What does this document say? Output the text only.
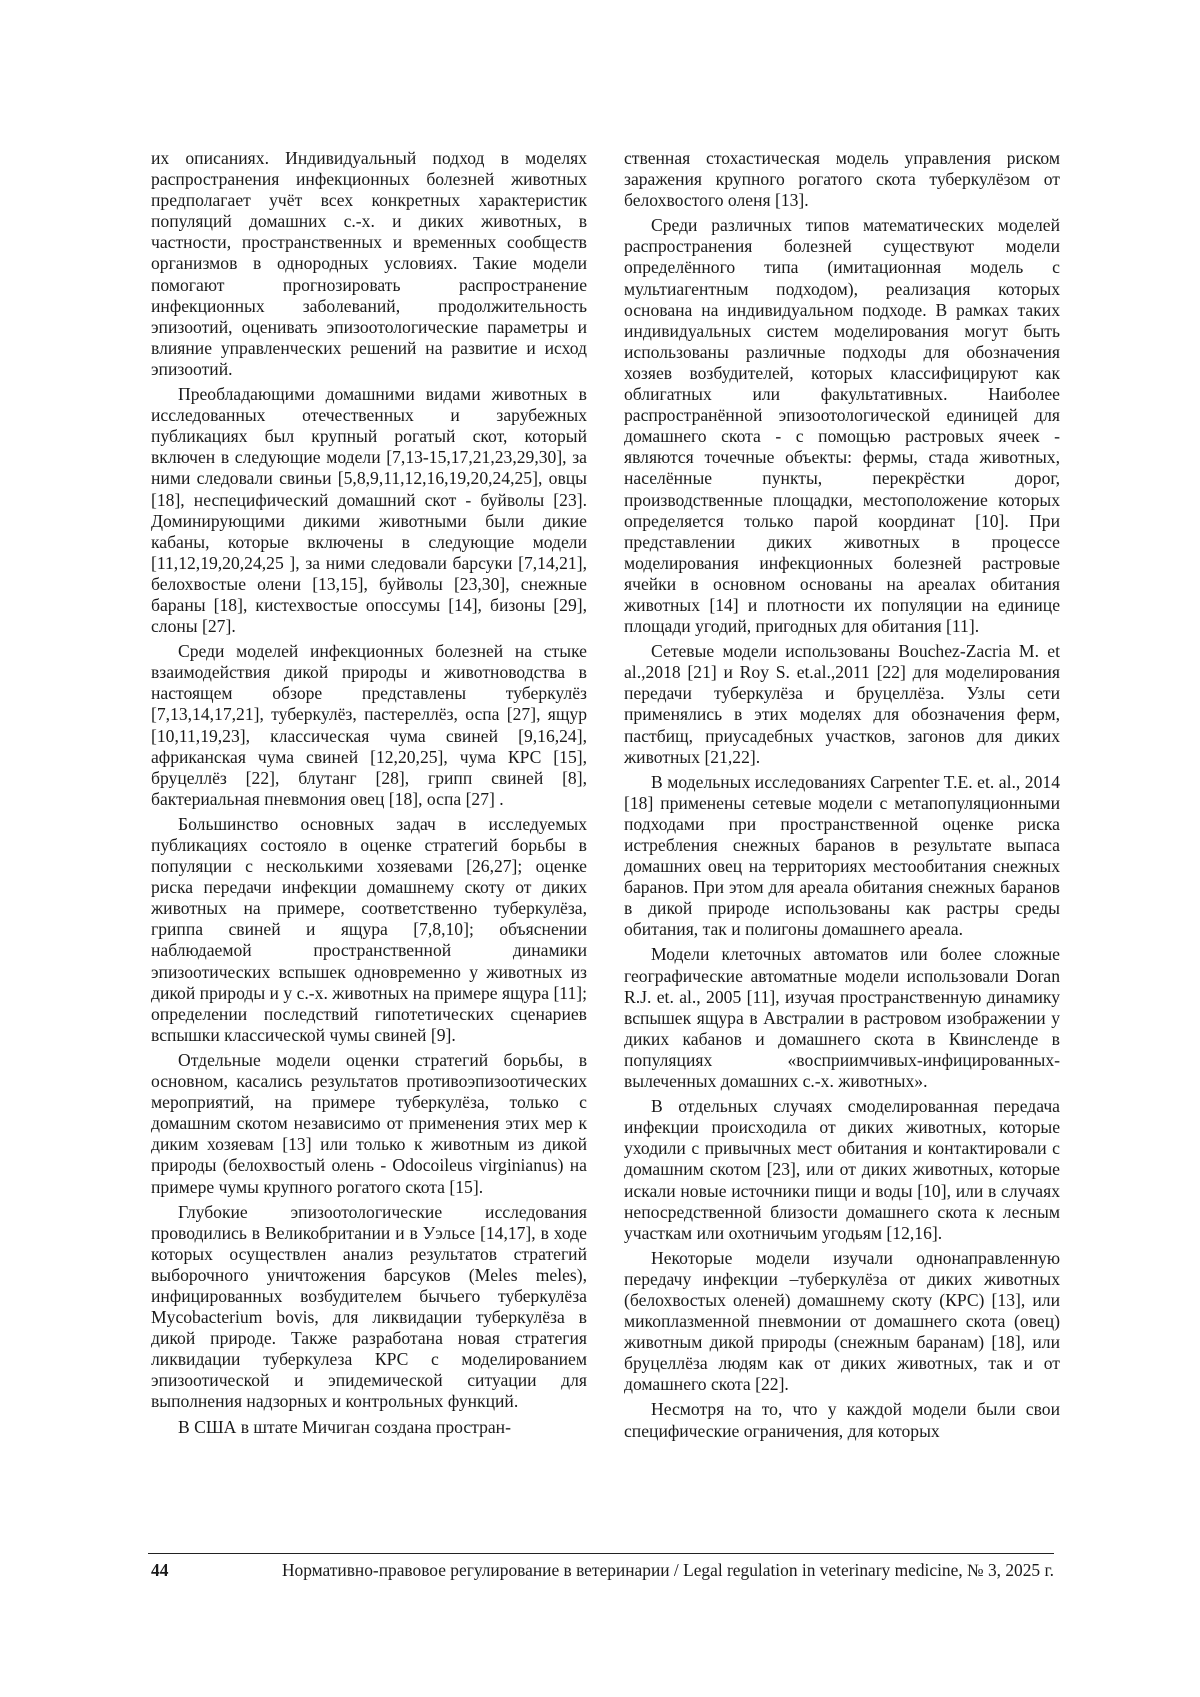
их описаниях. Индивидуальный подход в моделях распространения инфекционных болезней животных предполагает учёт всех конкретных характеристик популяций домашних с.-х. и диких животных, в частности, пространственных и временных сообществ организмов в однородных условиях. Такие модели помогают прогнозировать распространение инфекционных заболеваний, продолжительность эпизоотий, оценивать эпизоотологические параметры и влияние управленческих решений на развитие и исход эпизоотий.

Преобладающими домашними видами животных в исследованных отечественных и зарубежных публикациях был крупный рогатый скот, который включен в следующие модели [7,13-15,17,21,23,29,30], за ними следовали свиньи [5,8,9,11,12,16,19,20,24,25], овцы [18], неспецифический домашний скот - буйволы [23]. Доминирующими дикими животными были дикие кабаны, которые включены в следующие модели [11,12,19,20,24,25 ], за ними следовали барсуки [7,14,21], белохвостые олени [13,15], буйволы [23,30], снежные бараны [18], кистехвостые опоссумы [14], бизоны [29], слоны [27].

Среди моделей инфекционных болезней на стыке взаимодействия дикой природы и животноводства в настоящем обзоре представлены туберкулёз [7,13,14,17,21], туберкулёз, пастереллёз, оспа [27], ящур [10,11,19,23], классическая чума свиней [9,16,24], африканская чума свиней [12,20,25], чума КРС [15], бруцеллёз [22], блутанг [28], грипп свиней [8], бактериальная пневмония овец [18], оспа [27] .

Большинство основных задач в исследуемых публикациях состояло в оценке стратегий борьбы в популяции с несколькими хозяевами [26,27]; оценке риска передачи инфекции домашнему скоту от диких животных на примере, соответственно туберкулёза, гриппа свиней и ящура [7,8,10]; объяснении наблюдаемой пространственной динамики эпизоотических вспышек одновременно у животных из дикой природы и у с.-х. животных на примере ящура [11]; определении последствий гипотетических сценариев вспышки классической чумы свиней [9].

Отдельные модели оценки стратегий борьбы, в основном, касались результатов противоэпизоотических мероприятий, на примере туберкулёза, только с домашним скотом независимо от применения этих мер к диким хозяевам [13] или только к животным из дикой природы (белохвостый олень - Odocoileus virginianus) на примере чумы крупного рогатого скота [15].

Глубокие эпизоотологические исследования проводились в Великобритании и в Уэльсе [14,17], в ходе которых осуществлен анализ результатов стратегий выборочного уничтожения барсуков (Meles meles), инфицированных возбудителем бычьего туберкулёза Mycobacterium bovis, для ликвидации туберкулёза в дикой природе. Также разработана новая стратегия ликвидации туберкулеза КРС с моделированием эпизоотической и эпидемической ситуации для выполнения надзорных и контрольных функций.

В США в штате Мичиган создана простран-

ственная стохастическая модель управления риском заражения крупного рогатого скота туберкулёзом от белохвостого оленя [13].

Среди различных типов математических моделей распространения болезней существуют модели определённого типа (имитационная модель с мультиагентным подходом), реализация которых основана на индивидуальном подходе. В рамках таких индивидуальных систем моделирования могут быть использованы различные подходы для обозначения хозяев возбудителей, которых классифицируют как облигатных или факультативных. Наиболее распространённой эпизоотологической единицей для домашнего скота - с помощью растровых ячеек - являются точечные объекты: фермы, стада животных, населённые пункты, перекрёстки дорог, производственные площадки, местоположение которых определяется только парой координат [10]. При представлении диких животных в процессе моделирования инфекционных болезней растровые ячейки в основном основаны на ареалах обитания животных [14] и плотности их популяции на единице площади угодий, пригодных для обитания [11].

Сетевые модели использованы Bouchez-Zacria M. et al.,2018 [21] и Roy S. et.al.,2011 [22] для моделирования передачи туберкулёза и бруцеллёза. Узлы сети применялись в этих моделях для обозначения ферм, пастбищ, приусадебных участков, загонов для диких животных [21,22].

В модельных исследованиях Carpenter T.E. et. al., 2014 [18] применены сетевые модели с метапопуляционными подходами при пространственной оценке риска истребления снежных баранов в результате выпаса домашних овец на территориях местообитания снежных баранов. При этом для ареала обитания снежных баранов в дикой природе использованы как растры среды обитания, так и полигоны домашнего ареала.

Модели клеточных автоматов или более сложные географические автоматные модели использовали Doran R.J. et. al., 2005 [11], изучая пространственную динамику вспышек ящура в Австралии в растровом изображении у диких кабанов и домашнего скота в Квинсленде в популяциях «восприимчивых-инфицированных-вылеченных домашних с.-х. животных».

В отдельных случаях смоделированная передача инфекции происходила от диких животных, которые уходили с привычных мест обитания и контактировали с домашним скотом [23], или от диких животных, которые искали новые источники пищи и воды [10], или в случаях непосредственной близости домашнего скота к лесным участкам или охотничьим угодьям [12,16].

Некоторые модели изучали однонаправленную передачу инфекции –туберкулёза от диких животных (белохвостых оленей) домашнему скоту (КРС) [13], или микоплазменной пневмонии от домашнего скота (овец) животным дикой природы (снежным баранам) [18], или бруцеллёза людям как от диких животных, так и от домашнего скота [22].

Несмотря на то, что у каждой модели были свои специфические ограничения, для которых

44	Нормативно-правовое регулирование в ветеринарии / Legal regulation in veterinary medicine, № 3, 2025 г.
